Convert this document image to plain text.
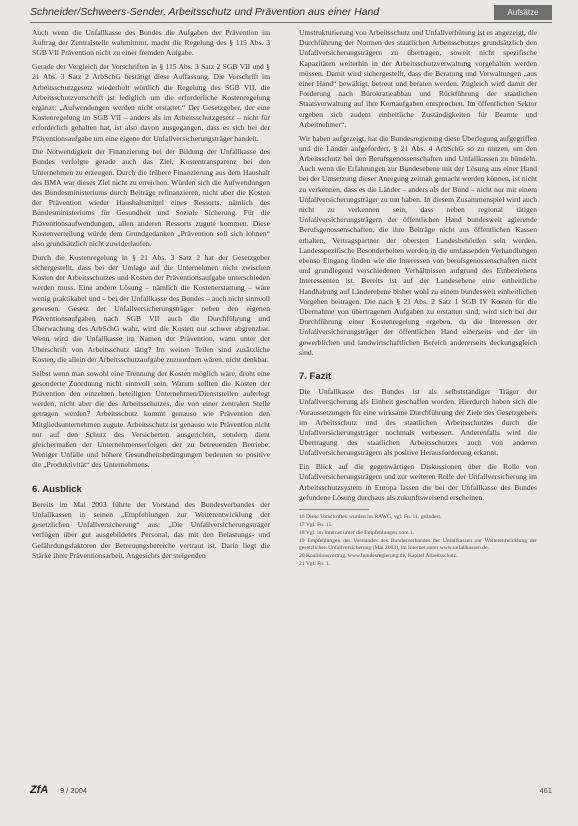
Schneider/Schweers-Sender, Arbeitsschutz und Prävention aus einer Hand	Aufsätze

Auch wenn die Unfallkasse des Bundes die Aufgaben der Prävention im Auftrag der Zentralstelle wahrnimmt, macht die Regelung des § 115 Abs. 3 SGB VII Prävention nicht zu einer fremden Aufgabe.

Gerade der Vergleich der Vorschriften in § 115 Abs. 3 Satz 2 SGB VII und § 21 Abs. 3 Satz 2 ArbSchG bestätigt diese Auffassung. Die Vorschrift im Arbeitsschutzgesetz wiederholt wörtlich die Regelung des SGB VII, die Arbeitsschutzvorschrift ist lediglich um die erforderliche Kostenregelung ergänzt: „Aufwendungen werden nicht erstattet.“ Der Gesetzgeber, der eine Kostenregelung im SGB VII – anders als im Arbeitsschutzgesetz – nicht für erforderlich gehalten hat, ist also davon ausgegangen, dass es sich bei der Präventionsaufgabe um eine eigene der Unfallversicherungsträger handelt.

Die Notwendigkeit der Finanzierung bei der Bildung der Unfallkasse des Bundes verfolgte gerade auch das Ziel, Kostentransparenz bei den Unternehmen zu erzeugen. Durch die frühere Finanzierung aus dem Haushalt des BMA war dieses Ziel nicht zu erreichen. Würden sich die Aufwendungen des Bundesministeriums durch Beiträge refinanzieren, nicht aber die Kosten der Prävention wieder Haushaltsmittel eines Ressorts, nämlich des Bundesministeriums für Gesundheit und Soziale Sicherung. Für die Präventionsaufwendungen, allen anderen Ressorts zugute kommen. Diese Kostenverteilung würde dem Grundgedanken „Prävention soll sich lohnen“ also grundsätzlich nicht zuwiderlaufen.

Durch die Kostenregelung in § 21 Abs. 3 Satz 2 hat der Gesetzgeber sichergestellt, dass bei der Umlage auf die Unternehmen nicht zwischen Kosten der Arbeitsschutzes und Kosten der Präventionsaufgabe unterschieden werden muss. Eine andere Lösung – nämlich die Kostenerstattung – wäre wenig praktikabel und – bei der Unfallkasse des Bundes – auch nicht sinnvoll gewesen. Gesetz der Unfallversicherungsträger neben den eigenen Präventionsaufgaben nach SGB VII auch die Durchführung und Überwachung des ArbSchG wahr, wird die Kosten nur schwer abgrenzbar. Wenn wird die Unfallkasse im Namen der Prävention, wann unter der Überschrift von Arbeitsschutz tätig? Im weiten Teilen sind zusätzliche Kosten, die allein der Arbeitsschutzaufgabe zuzuordnen wären, nicht denkbar.

Selbst wenn man sowohl eine Trennung der Kosten möglich wäre, droht eine gesonderte Zuordnung nicht sinnvoll sein. Warum sollten die Kosten der Prävention den einzelnen beteiligten Unternehmen/Dienststellen auferlegt werden, nicht aber die des Arbeitsschutzes, die von einer zentralen Stelle getragen werden? Arbeitsschutz kommt genauso wie Prävention den Mitgliedsunternehmen zugute. Arbeitsschutz ist genauso wie Prävention nicht nur auf den Schutz des Versicherten ausgerichtet, sondern dient gleichermaßen der Unternehmenserfolgen der zu betreuenden Betriebe. Weniger Unfälle und höhere Gesundheitsbedingungen bedeuten so positive die „Produktivität“ des Unternehmens.

6. Ausblick

Bereits im Mai 2003 führte der Vorstand des Bundesverbandes der Unfallkassen in seinen „Empfehlungen zur Weiterentwicklung der gesetzlichen Unfallversicherung“ aus: „Die Unfallversicherungsträger verfügen über gut ausgebildetes Personal, das mit den Belastungs- und Gefährdungsfaktoren der Betreuungsbereiche vertraut ist. Darin liegt die Stärke ihrer Präventionsarbeit. Angesichts der steigenden

Umstrukturierung von Arbeitsschutz und Unfallverhütung ist es angezeigt, die Durchführung der Normen des staatlichen Arbeitsschutzes grundsätzlich den Unfallversicherungsträgern zu übertragen, soweit nicht spezifische Kapazitäten weiterhin in der Arbeitsschutzverwaltung vorgehalten werden müssen. Damit wird sichergestellt, dass die Beratung und Verwaltungen „aus einer Hand“ bewältigt, betreut und beraten werden. Zugleich wird damit der Forderung nach Bürokratieabbau und Rückführung der staatlichen Staatsverwaltung auf ihre Kernaufgaben entsprochen. Im öffentlichen Sektor ergeben sich zudem einheitliche Zuständigkeiten für Beamte und Arbeitnehmer“.

Wir haben aufgezeigt, hat die Bundesregierung diese Überlegung aufgegriffen und die Länder aufgefordert, § 21 Abs. 4 ArbSchG so zu nutzen, um den Arbeitsschutz bei den Berufsgenossenschaften und Unfallkassen zu bündeln. Auch wenn die Erfahrungen zur Bundesebene mit der Lösung aus einer Hand bei der Umsetzung dieser Anregung zeitnah gemacht werden können, ist nicht zu verkennen, dass es die Länder – anders als der Bund – nicht nur mit einem Unfallversicherungsträger zu tun haben. In diesem Zusammenspiel wird auch nicht zu verkennen sein, dass neben regional tätigen Unfallversicherungsträgern der öffentlichen Hand bundesweit agierende Berufsgenossenschaften, die ihre Beiträge nicht aus öffentlichen Kassen erhalten, Vertragspartner der obersten Landesbehörden sein werden. Landesspezifische Besonderheiten werden in die umfassenden Verhandlungen ebenso Eingang finden wie die Interessen von berufsgenossenschaften nicht und grundlegend verschiedenen Verhältnissen aufgrund des Einbeziehens Interessenten ist. Bereits ist auf der Landesebene eine einheitliche Handhabung auf Länderebene bisher wohl zu einem bundesweit einheitlichen Vorgehen beitragen. Die nach § 21 Abs. 2 Satz 1 SGB IV Kosten für die Übernahme von übertragenen Aufgaben zu erstatten sind, wird sich bei der Durchführung einer Kostenregelung ergeben, da die Interessen der Unfallversicherungsträger der öffentlichen Hand einerseits und der im gewerblichen und landwirtschaftlichen Bereich andererseits deckungsgleich sind.

7. Fazit

Die Unfallkasse des Bundes ist als selbstständiger Träger der Unfallversicherung als Einheit geschaffen worden. Hierdurch haben sich die Voraussetzungen für eine wirksame Durchführung der Ziele des Gesetzgebers im Arbeitsschutz und des staatlichen Arbeitsschutzes durch die Unfallversicherungsträger nochmals verbessert. Anderenfalls wird die Übertragung des staatlichen Arbeitsschutzes auch von anderen Unfallversicherungsträgern als positive Herausforderung erkannt.

Ein Blick auf die gegenwärtigen Diskussionen über die Rolle von Unfallversicherungsträgern und zur weiteren Rolle der Unfallversicherung im Arbeitsschutzsystem in Europa lassen die bei der Unfallkasse des Bundes gefundene Lösung durchaus als zukunftsweisend erscheinen.

16 Diese Vorschriften wurden im RAWG, vgl. Fn. 11, geändert.
17 Vgl. Fn. 15.
18 Vgl. im Internet unter die Empfehlungen vom 1.
19 Empfehlungen des Vorstandes des Bundesverbandes der Unfallkassen zur Weiterentwicklung der gesetzlichen Unfallversicherung (Mai 2003), im Internet unter www.unfallkassen.de.
20 Koalitionsvertrag, www.bundesregierung.de, Kapitel Arbeitsschutz.
21 Vgl. Fn. 1.
ZfA 9 / 2004	461
